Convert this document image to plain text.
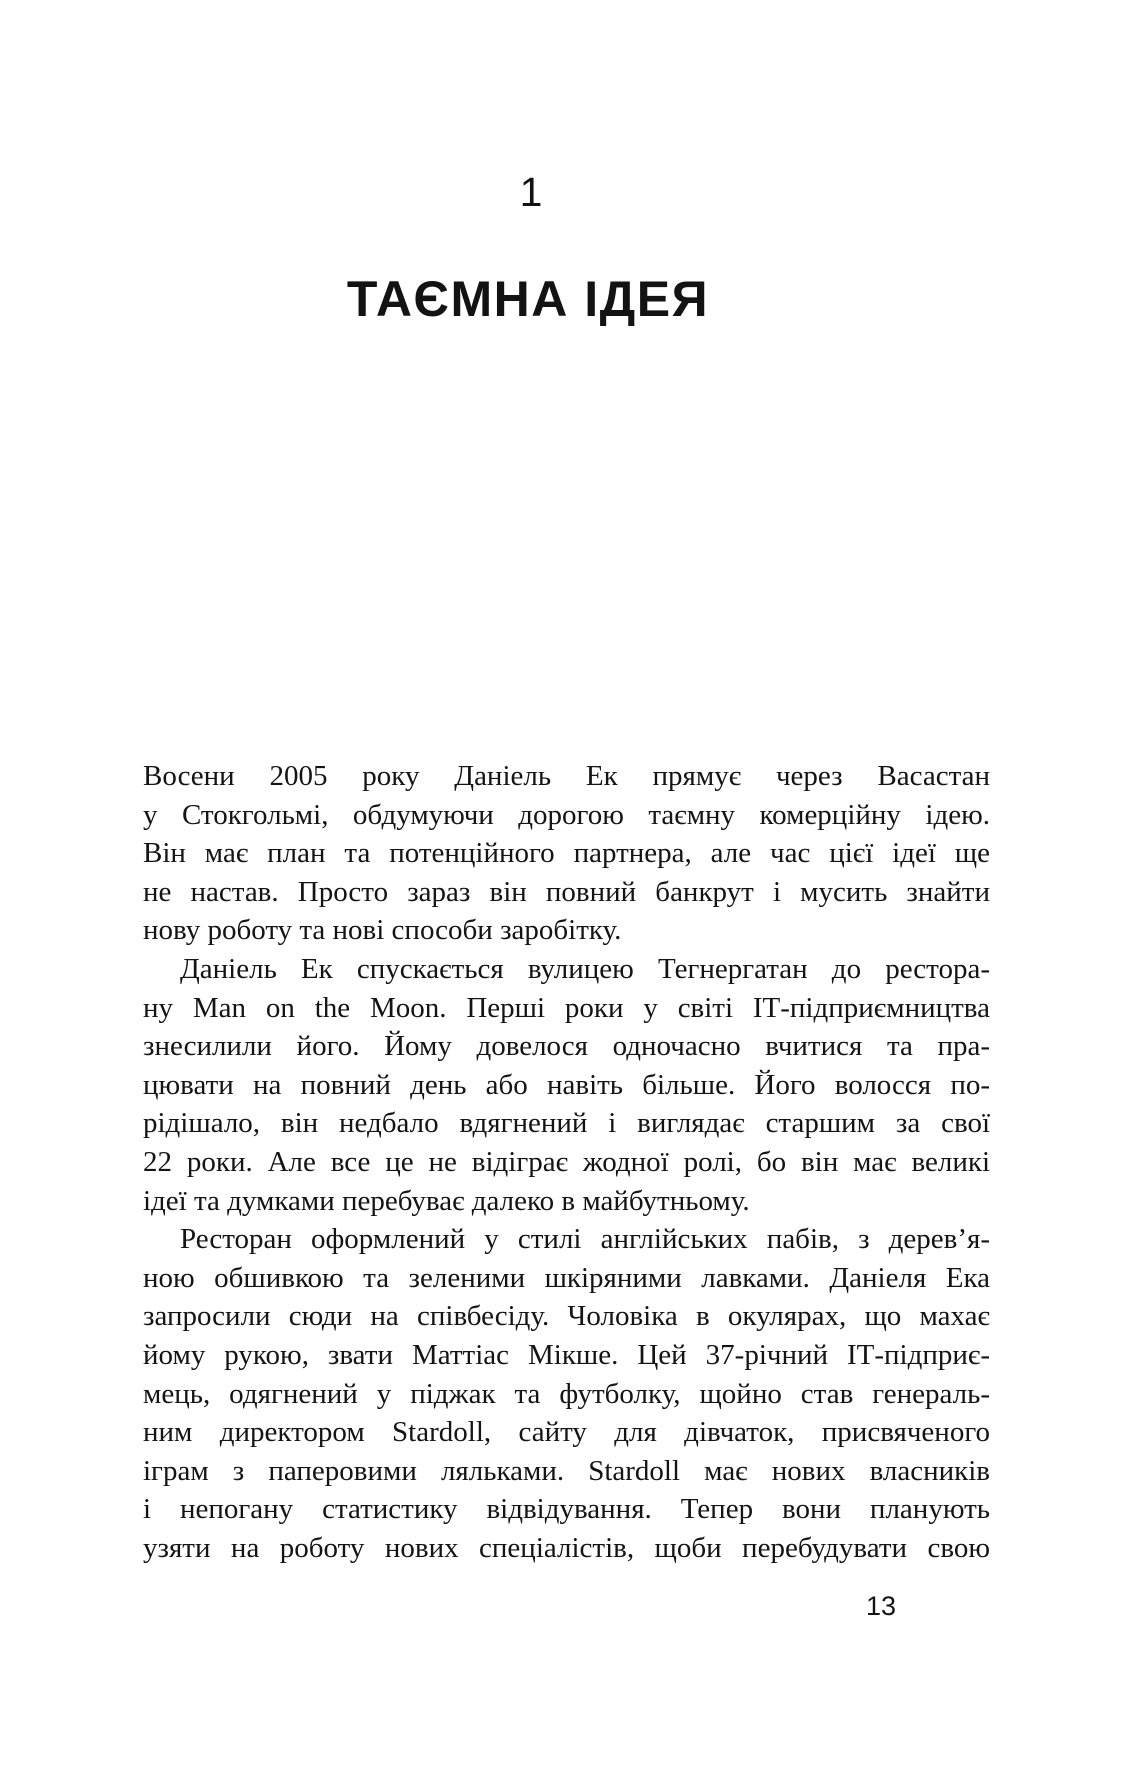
1
ТАЄМНА ІДЕЯ
Восени 2005 року Даніель Ек прямує через Васастан
у Стокгольмі, обдумуючи дорогою таємну комерційну ідею.
Він має план та потенційного партнера, але час цієї ідеї ще
не настав. Просто зараз він повний банкрут і мусить знайти
нову роботу та нові способи заробітку.
Даніель Ек спускається вулицею Тегнергатан до рестора-
ну Man on the Moon. Перші роки у світі ІТ-підприємництва
знесилили його. Йому довелося одночасно вчитися та пра-
цювати на повний день або навіть більше. Його волосся по-
рідішало, він недбало вдягнений і виглядає старшим за свої
22 роки. Але все це не відіграє жодної ролі, бо він має великі
ідеї та думками перебуває далеко в майбутньому.
Ресторан оформлений у стилі англійських пабів, з дерев’я-
ною обшивкою та зеленими шкіряними лавками. Даніеля Ека
запросили сюди на співбесіду. Чоловіка в окулярах, що махає
йому рукою, звати Маттіас Мікше. Цей 37-річний ІТ-підприє-
мець, одягнений у піджак та футболку, щойно став генераль-
ним директором Stardoll, сайту для дівчаток, присвяченого
іграм з паперовими ляльками. Stardoll має нових власників
і непогану статистику відвідування. Тепер вони планують
узяти на роботу нових спеціалістів, щоби перебудувати свою
13
